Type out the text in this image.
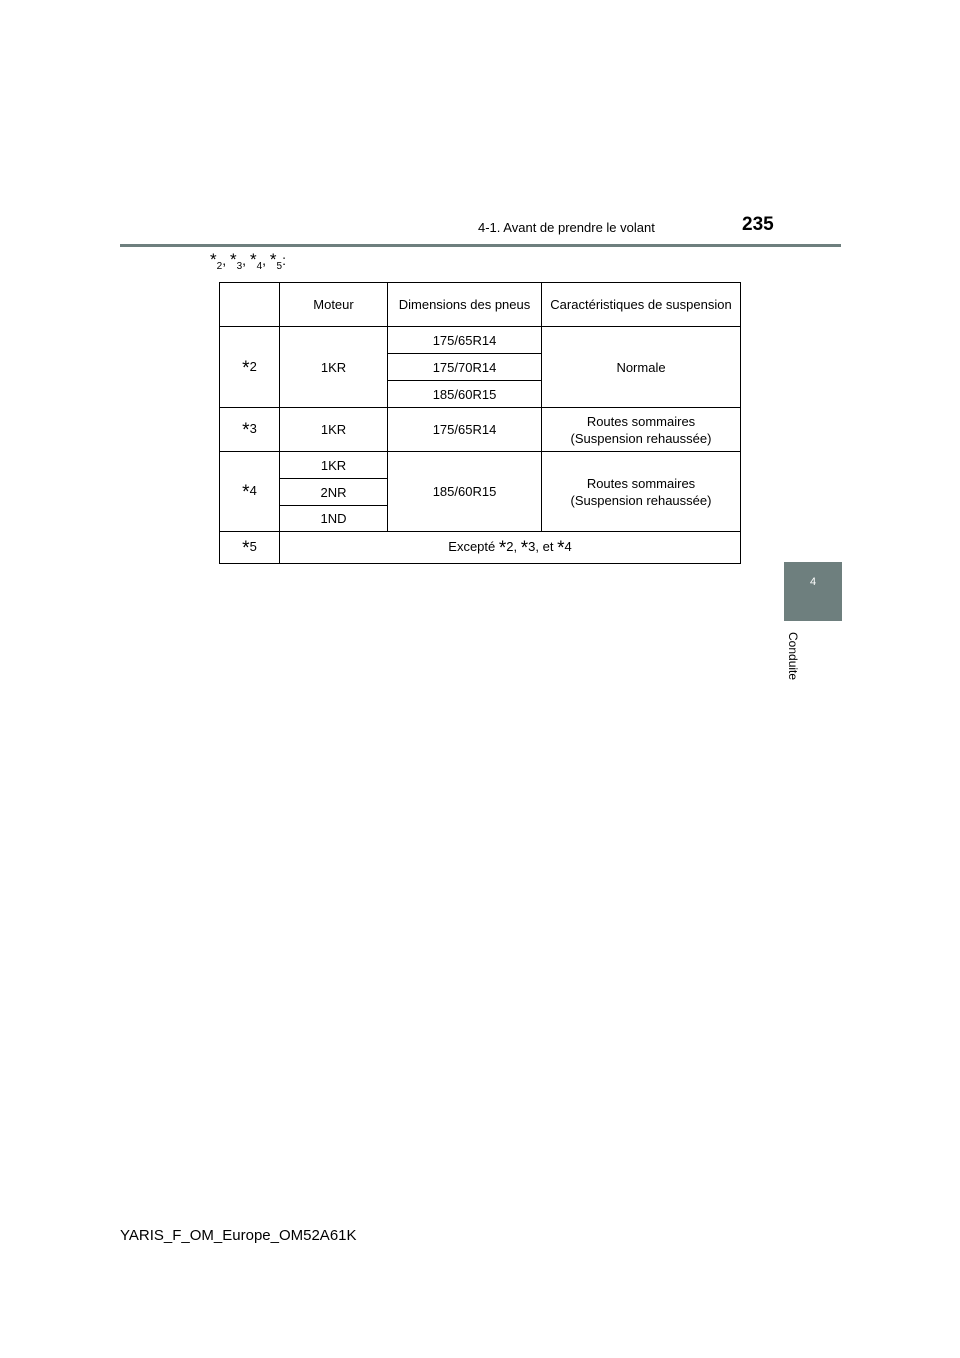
4-1. Avant de prendre le volant	235
$*_2$, $*_3$, $*_4$, $*_5$:
	Moteur	Dimensions des pneus	Caractéristiques de suspension
*2	1KR	175/65R14	Normale
		175/70R14	
		185/60R15	
*3	1KR	175/65R14	Routes sommaires
(Suspension rehaussée)

*4	1KR	185/60R15	Routes sommaires
(Suspension rehaussée)

	2NR		
	1ND		
*5	Excepté *2, *3, et *4		
4
Conduite
YARIS_F_OM_Europe_OM52A61K
